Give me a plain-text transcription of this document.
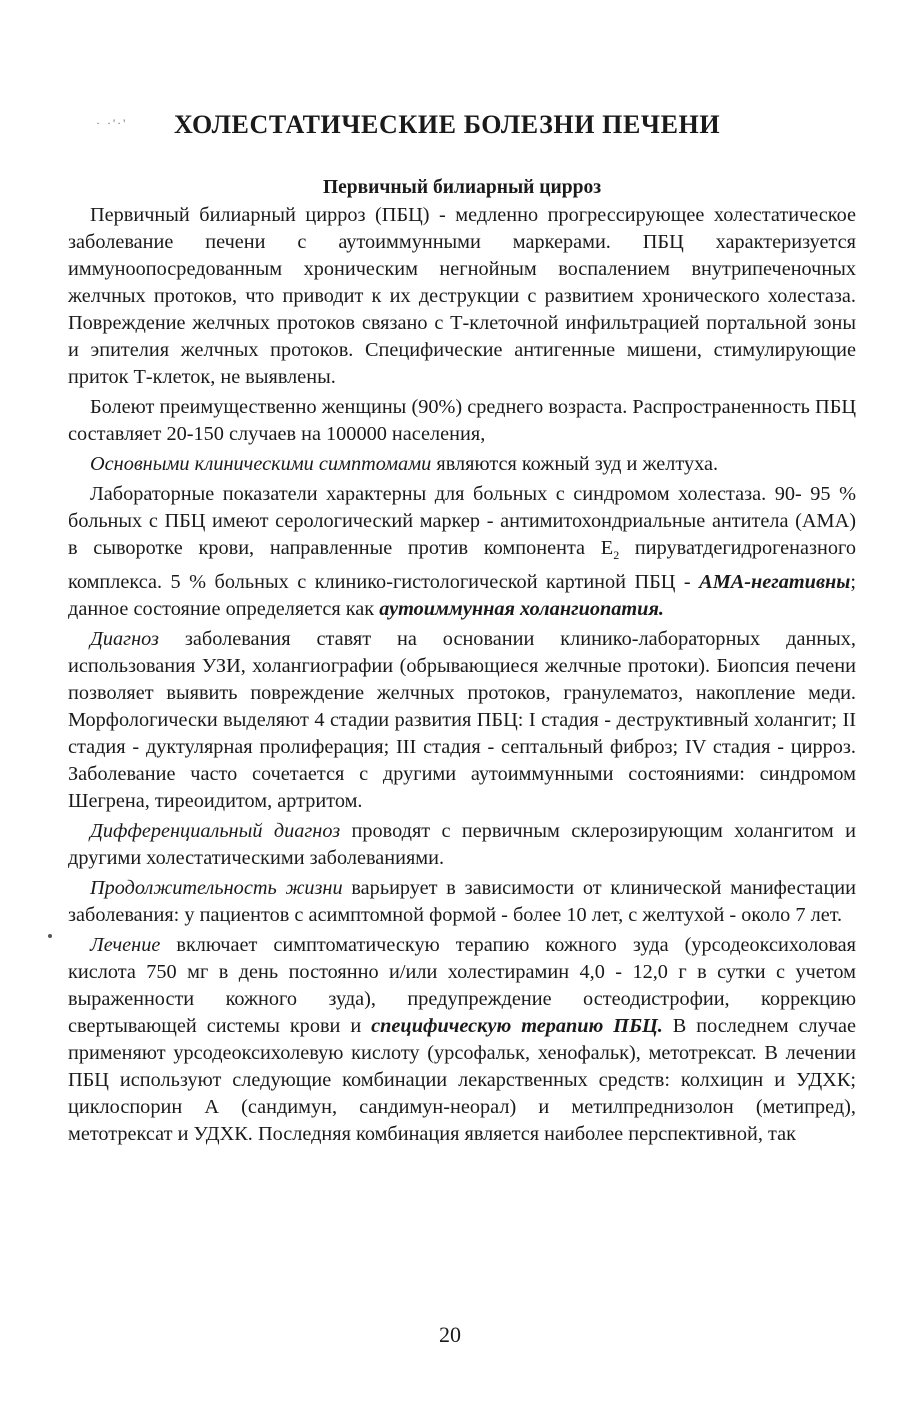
· ·'·' ХОЛЕСТАТИЧЕСКИЕ БОЛЕЗНИ ПЕЧЕНИ
Первичный билиарный цирроз

Первичный билиарный цирроз (ПБЦ) - медленно прогрессирующее холестатическое заболевание печени с аутоиммунными маркерами. ПБЦ характеризуется иммуноопосредованным хроническим негнойным воспалением внутрипеченочных желчных протоков, что приводит к их деструкции с развитием хронического холестаза. Повреждение желчных протоков связано с Т-клеточной инфильтрацией портальной зоны и эпителия желчных протоков. Специфические антигенные мишени, стимулирующие приток Т-клеток, не выявлены.

Болеют преимущественно женщины (90%) среднего возраста. Распространенность ПБЦ составляет 20-150 случаев на 100000 населения,

Основными клиническими симптомами являются кожный зуд и желтуха.

Лабораторные показатели характерны для больных с синдромом холестаза. 90- 95 % больных с ПБЦ имеют серологический маркер - антимитохондриальные антитела (АМА) в сыворотке крови, направленные против компонента $Е_2$ пируватдегидрогеназного комплекса. 5 % больных с клинико-гистологической картиной ПБЦ - АМА-негативны; данное состояние определяется как аутоиммунная холангиопатия.

Диагноз заболевания ставят на основании клинико-лабораторных данных, использования УЗИ, холангиографии (обрывающиеся желчные протоки). Биопсия печени позволяет выявить повреждение желчных протоков, гранулематоз, накопление меди. Морфологически выделяют 4 стадии развития ПБЦ: I стадия - деструктивный холангит; II стадия - дуктулярная пролиферация; III стадия - септальный фиброз; IV стадия - цирроз. Заболевание часто сочетается с другими аутоиммунными состояниями: синдромом Шегрена, тиреоидитом, артритом.

Дифференциальный диагноз проводят с первичным склерозирующим холангитом и другими холестатическими заболеваниями.

Продолжительность жизни варьирует в зависимости от клинической манифестации заболевания: у пациентов с асимптомной формой - более 10 лет, с желтухой - около 7 лет.

Лечение включает симптоматическую терапию кожного зуда (урсодеоксихоловая кислота 750 мг в день постоянно и/или холестирамин 4,0 - 12,0 г в сутки с учетом выраженности кожного зуда), предупреждение остеодистрофии, коррекцию свертывающей системы крови и специфическую терапию ПБЦ. В последнем случае применяют урсодеоксихолевую кислоту (урсофальк, хенофальк), метотрексат. В лечении ПБЦ используют следующие комбинации лекарственных средств: колхицин и УДХК; циклоспорин А (сандимун, сандимун-неорал) и метилпреднизолон (метипред), метотрексат и УДХК. Последняя комбинация является наиболее перспективной, так

20
